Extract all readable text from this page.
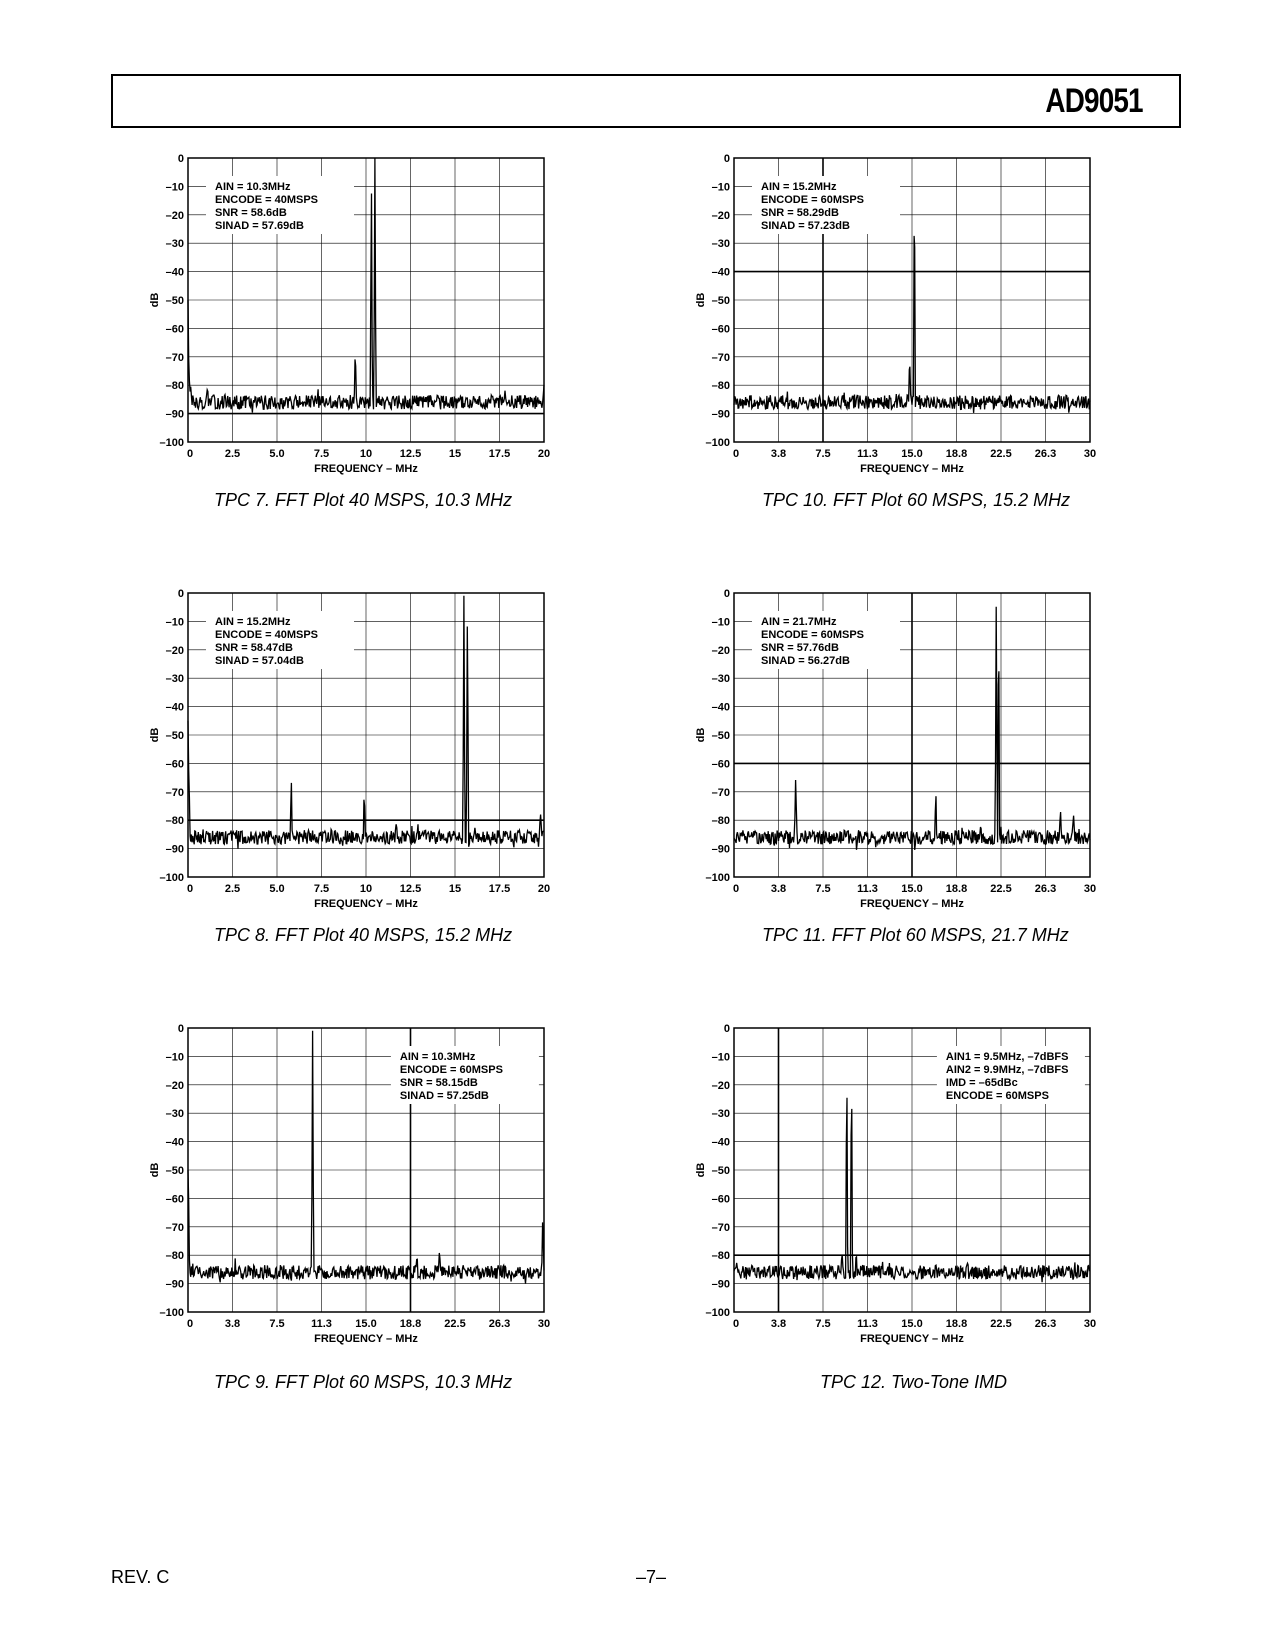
AD9051
AIN = 10.3MHz
ENCODE = 40MSPS
SNR = 58.6dB
SINAD = 57.69dB
0
–10
–20
–30
–40
–50
–60
–70
–80
–90
–100
0	2.5	5.0	7.5	10	12.5	15	17.5	20
FREQUENCY – MHz
dB
TPC 7. FFT Plot 40 MSPS, 10.3 MHz
AIN = 15.2MHz
ENCODE = 60MSPS
SNR = 58.29dB
SINAD = 57.23dB
0
–10
–20
–30
–40
–50
–60
–70
–80
–90
–100
0	3.8	7.5 11.3 15.0 18.8 22.5 26.3	30
FREQUENCY – MHz
dB
TPC 10. FFT Plot 60 MSPS, 15.2 MHz
AIN = 15.2MHz
ENCODE = 40MSPS
SNR = 58.47dB
SINAD = 57.04dB
0
–10
–20
–30
–40
–50
–60
–70
–80
–90
–100
0	2.5	5.0	7.5	10	12.5	15	17.5	20
FREQUENCY – MHz
dB
TPC 8. FFT Plot 40 MSPS, 15.2 MHz
AIN = 21.7MHz
ENCODE = 60MSPS
SNR = 57.76dB
SINAD = 56.27dB
0
–10
–20
–30
–40
–50
–60
–70
–80
–90
–100
0	3.8	7.5 11.3 15.0 18.8 22.5 26.3	30
FREQUENCY – MHz
dB
TPC 11. FFT Plot 60 MSPS, 21.7 MHz
AIN = 10.3MHz
ENCODE = 60MSPS
SNR = 58.15dB
SINAD = 57.25dB
0
–10
–20
–30
–40
–50
–60
–70
–80
–90
–100
0	3.8	7.5 11.3 15.0 18.8 22.5 26.3	30
FREQUENCY – MHz
dB
TPC 9. FFT Plot 60 MSPS, 10.3 MHz
AIN1 = 9.5MHz, –7dBFS
AIN2 = 9.9MHz, –7dBFS
IMD = –65dBc
ENCODE = 60MSPS
0
–10
–20
–30
–40
–50
–60
–70
–80
–90
–100
0	3.8	7.5 11.3 15.0 18.8 22.5 26.3	30
FREQUENCY – MHz
dB
TPC 12. Two-Tone IMD
REV. C	–7–
